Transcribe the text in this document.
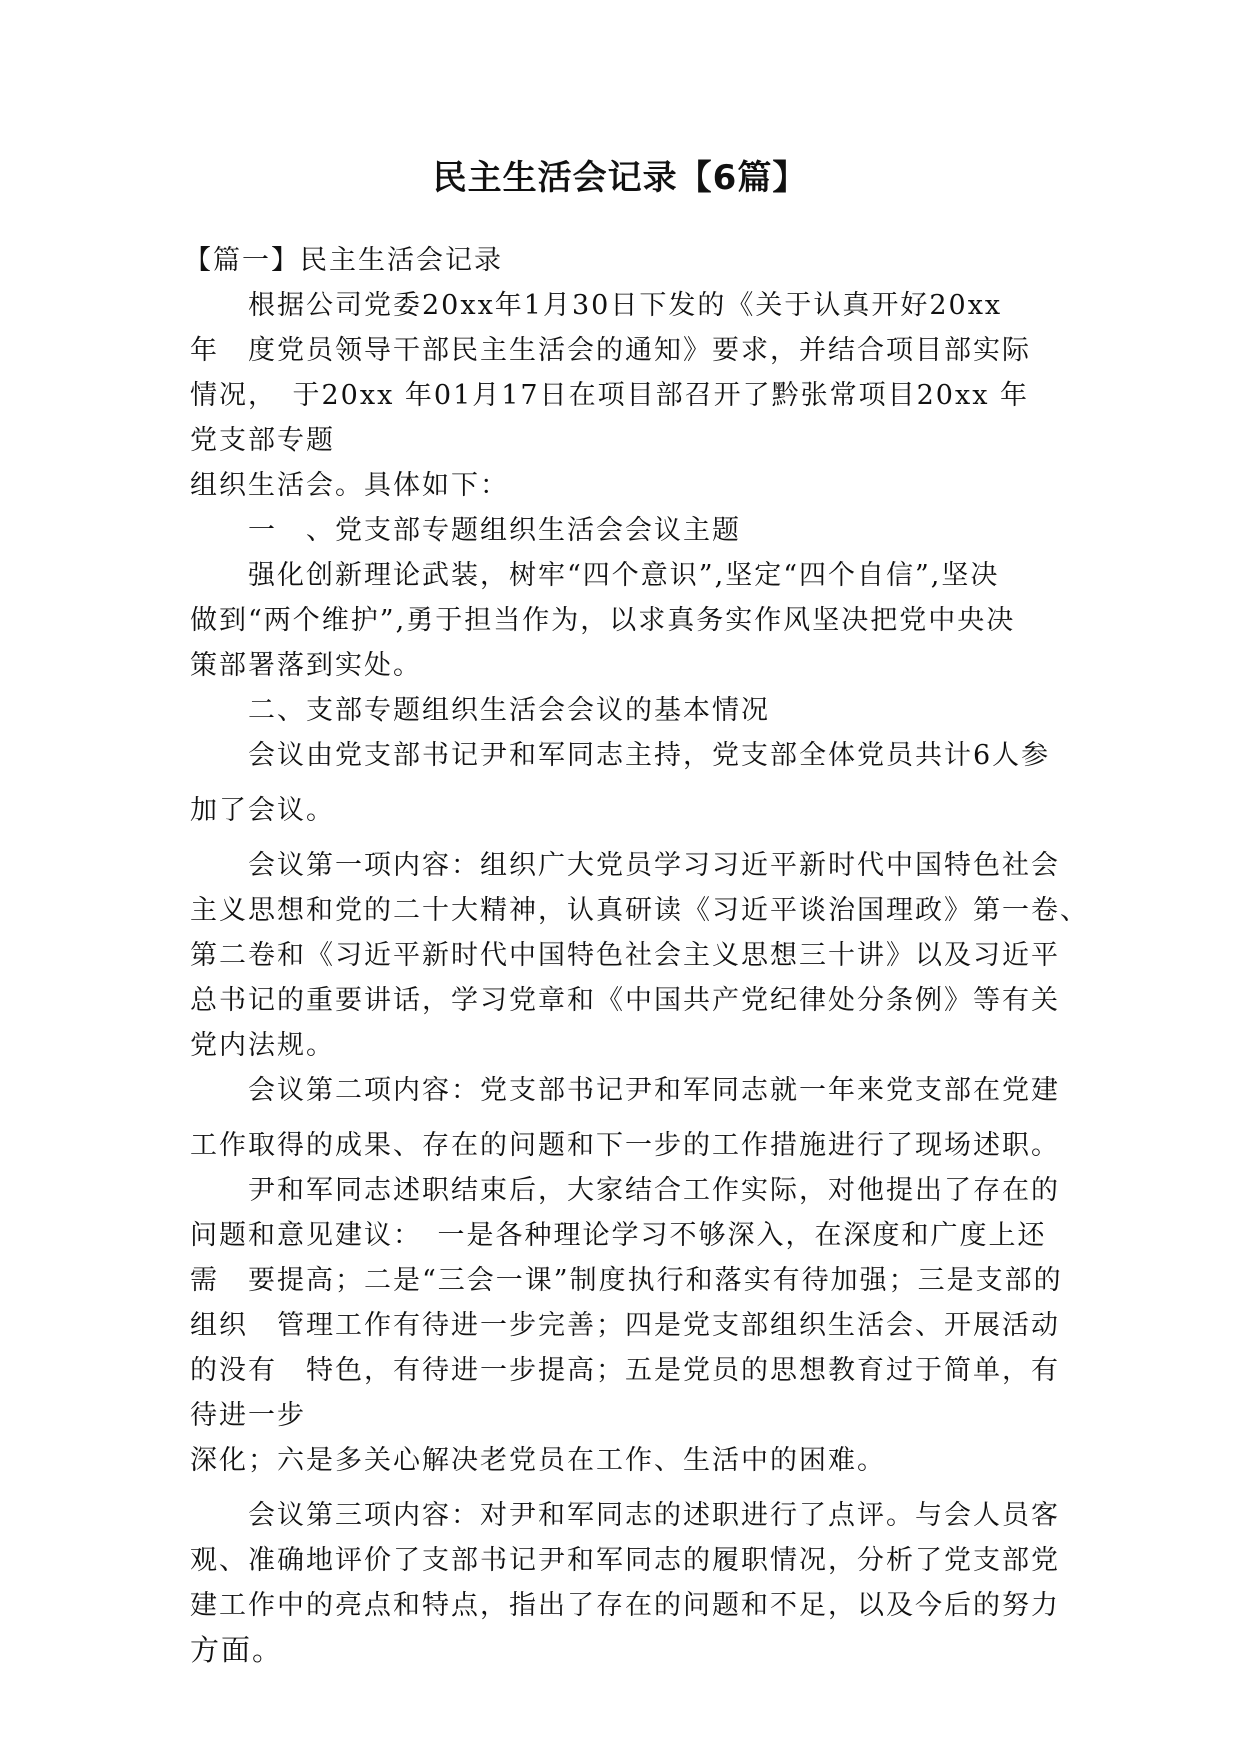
民主生活会记录【6篇】
【篇一】民主生活会记录
根据公司党委20xx年1月30日下发的《关于认真开好20xx
年　度党员领导干部民主生活会的通知》要求，并结合项目部实际
情况，　于20xx 年01月17日在项目部召开了黔张常项目20xx 年
党支部专题
组织生活会。具体如下：
一　、党支部专题组织生活会会议主题
强化创新理论武装，树牢“四个意识”,坚定“四个自信”,坚决
做到“两个维护”,勇于担当作为，以求真务实作风坚决把党中央决
策部署落到实处。
二、支部专题组织生活会会议的基本情况
会议由党支部书记尹和军同志主持，党支部全体党员共计6人参
加了会议。
会议第一项内容：组织广大党员学习习近平新时代中国特色社会
主义思想和党的二十大精神，认真研读《习近平谈治国理政》第一卷、
第二卷和《习近平新时代中国特色社会主义思想三十讲》以及习近平
总书记的重要讲话，学习党章和《中国共产党纪律处分条例》等有关
党内法规。
会议第二项内容：党支部书记尹和军同志就一年来党支部在党建
工作取得的成果、存在的问题和下一步的工作措施进行了现场述职。
尹和军同志述职结束后，大家结合工作实际，对他提出了存在的
问题和意见建议：　一是各种理论学习不够深入，在深度和广度上还
需　要提高；二是“三会一课”制度执行和落实有待加强；三是支部的
组织　管理工作有待进一步完善；四是党支部组织生活会、开展活动
的没有　特色，有待进一步提高；五是党员的思想教育过于简单，有
待进一步
深化；六是多关心解决老党员在工作、生活中的困难。
会议第三项内容：对尹和军同志的述职进行了点评。与会人员客
观、准确地评价了支部书记尹和军同志的履职情况，分析了党支部党
建工作中的亮点和特点，指出了存在的问题和不足，以及今后的努力
方面。
